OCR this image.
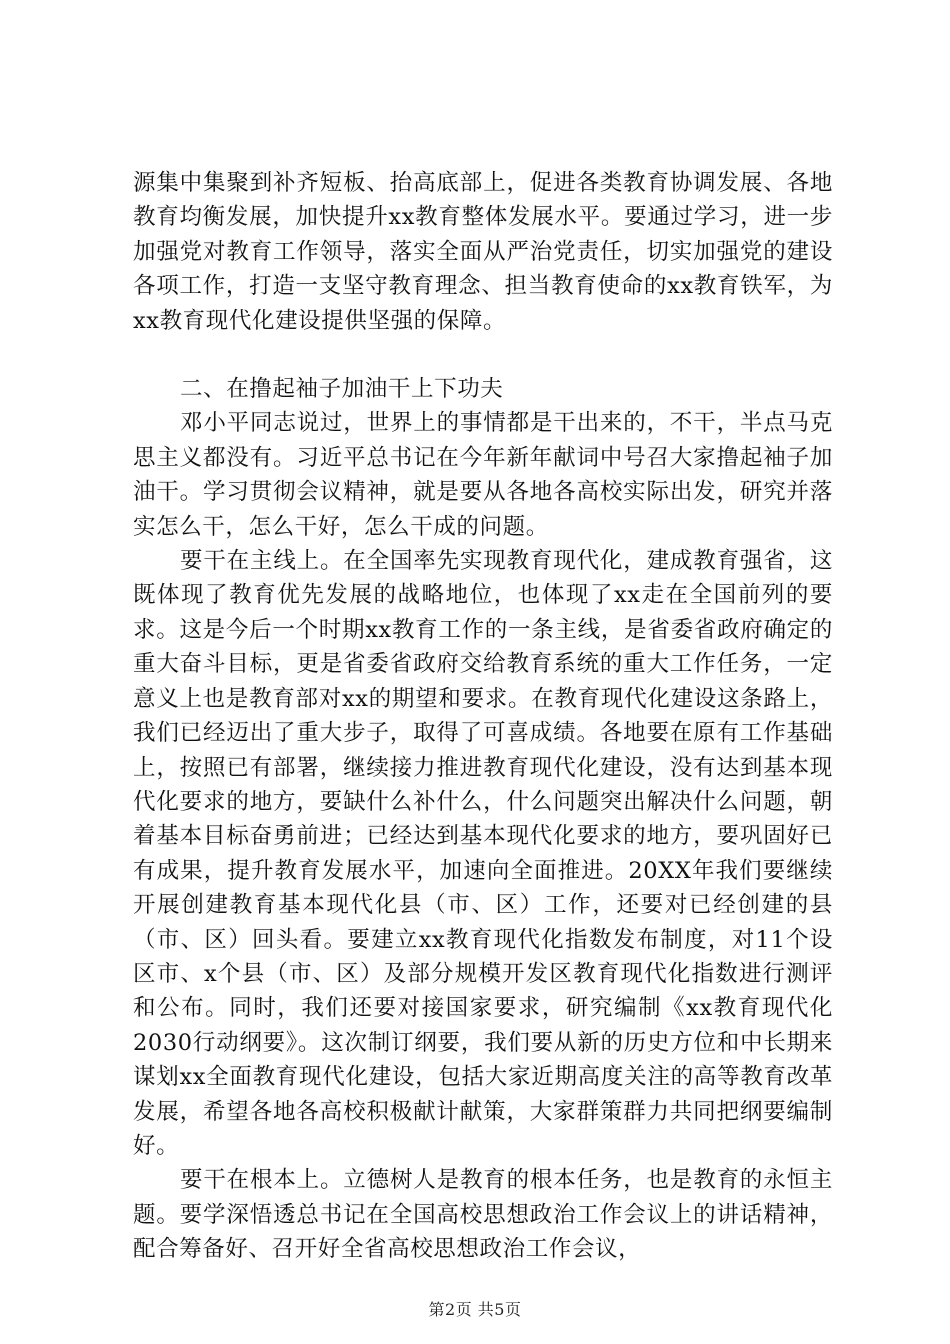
源集中集聚到补齐短板、抬高底部上，促进各类教育协调发展、各地教育均衡发展，加快提升xx教育整体发展水平。要通过学习，进一步加强党对教育工作领导，落实全面从严治党责任，切实加强党的建设各项工作，打造一支坚守教育理念、担当教育使命的xx教育铁军，为xx教育现代化建设提供坚强的保障。

二、在撸起袖子加油干上下功夫

邓小平同志说过，世界上的事情都是干出来的，不干，半点马克思主义都没有。习近平总书记在今年新年献词中号召大家撸起袖子加油干。学习贯彻会议精神，就是要从各地各高校实际出发，研究并落实怎么干，怎么干好，怎么干成的问题。

要干在主线上。在全国率先实现教育现代化，建成教育强省，这既体现了教育优先发展的战略地位，也体现了xx走在全国前列的要求。这是今后一个时期xx教育工作的一条主线，是省委省政府确定的重大奋斗目标，更是省委省政府交给教育系统的重大工作任务，一定意义上也是教育部对xx的期望和要求。在教育现代化建设这条路上，我们已经迈出了重大步子，取得了可喜成绩。各地要在原有工作基础上，按照已有部署，继续接力推进教育现代化建设，没有达到基本现代化要求的地方，要缺什么补什么，什么问题突出解决什么问题，朝着基本目标奋勇前进；已经达到基本现代化要求的地方，要巩固好已有成果，提升教育发展水平，加速向全面推进。20XX年我们要继续开展创建教育基本现代化县（市、区）工作，还要对已经创建的县（市、区）回头看。要建立xx教育现代化指数发布制度，对11个设区市、x个县（市、区）及部分规模开发区教育现代化指数进行测评和公布。同时，我们还要对接国家要求，研究编制《xx教育现代化2030行动纲要》。这次制订纲要，我们要从新的历史方位和中长期来谋划xx全面教育现代化建设，包括大家近期高度关注的高等教育改革发展，希望各地各高校积极献计献策，大家群策群力共同把纲要编制好。

要干在根本上。立德树人是教育的根本任务，也是教育的永恒主题。要学深悟透总书记在全国高校思想政治工作会议上的讲话精神，配合筹备好、召开好全省高校思想政治工作会议，

第2页 共5页
